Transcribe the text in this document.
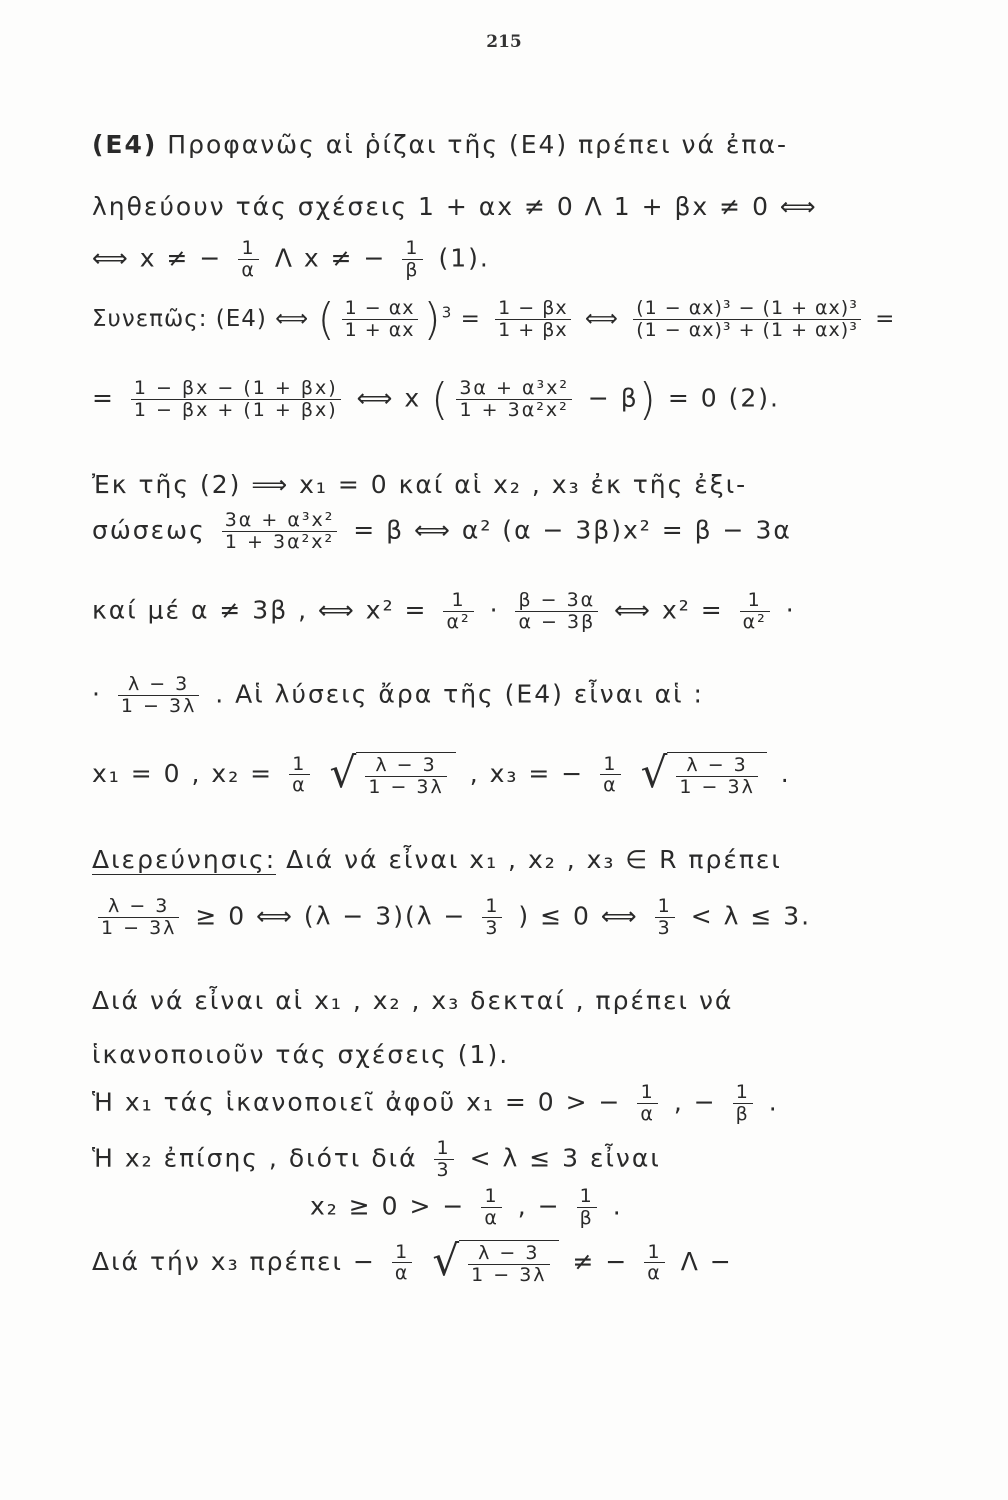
215
(E4) Προφανῶς αἱ ῥίζαι τῆς (E4) πρέπει νά ἐπα-
ληθεύουν τάς σχέσεις 1 + αx ≠ 0 Λ 1 + βx ≠ 0 ⟺
⟺ x ≠ − $\frac{1}{\alpha}$ Λ x ≠ − $\frac{1}{\beta} (1)$.
Συνεπῶς: (E4) ⟺ ( $\frac{1 - \alpha x}{1 + \alpha x} )^3 = \frac{1 - \beta x}{1 + \beta x}$ ⟺ $\frac{\text{(1 − αx)³ − (1 + αx)³}}{\text{(1 − αx)³ + (1 + αx)³}}$ =
= $\frac{1 - \beta x - (1 + \beta x)}{1 - \beta x + (1 + \beta x)}$ ⟺ x ( $\frac{\text{3α + α³x²}}{\text{1 + 3α²x²}} - \beta) = 0$ (2).
Ἐκ τῆς (2) ⟹ x₁ = 0 καί αἱ x₂ , x₃ ἐκ τῆς ἐξι-
σώσεως $\frac{\text{3α + α³x²}}{\text{1 + 3α²x²}} = \beta$ ⟺ α² (α − 3β)x² = β − 3α
καί μέ α ≠ 3β , ⟺ $x^2 = \frac{1}{\text{α²}} \cdot \frac{\beta - 3\alpha}{\alpha - 3\beta}$ ⟺ $x^2 = \frac{1}{\text{α²}}$ ·
· $\frac{\lambda - 3}{1 - 3\lambda}$ . Αἱ λύσεις ἄρα τῆς (E4) εἶναι αἱ :
x₁ = 0 , $x_2 = \frac{1}{\alpha}$
√ $\frac{\lambda - 3}{1 - 3\lambda}$ , x₃ = − $\frac{1}{\alpha}$
√ $\frac{\lambda - 3}{1 - 3\lambda}$ .
Διερεύνησις: Διά νά εἶναι x₁ , x₂ , x₃ ∈ R πρέπει
$\frac{\lambda - 3}{1 - 3\lambda} \ge 0$ ⟺ $(\lambda - 3)(\lambda - \frac{1}{3}$ ) ≤ 0 ⟺ $\frac{1}{3} < \lambda \le 3$.
Διά νά εἶναι αἱ x₁ , x₂ , x₃ δεκταί , πρέπει νά
ἱκανοποιοῦν τάς σχέσεις (1).
Ἡ x₁ τάς ἱκανοποιεῖ ἀφοῦ x₁ = 0 > − $\frac{1}{\alpha}$ , − $\frac{1}{\beta}$ .
Ἡ x₂ ἐπίσης , διότι διά $\frac{1}{3} < \lambda \le 3$ εἶναι
x₂ ≥ 0 > − $\frac{1}{\alpha}$ , − $\frac{1}{\beta}$ .
Διά τήν x₃ $\pi\rho έ\pi\varepsilon\iota - \frac{1}{\alpha}$
√ $\frac{\lambda - 3}{1 - 3\lambda}$ ≠ − $\frac{1}{\alpha}$ Λ −
